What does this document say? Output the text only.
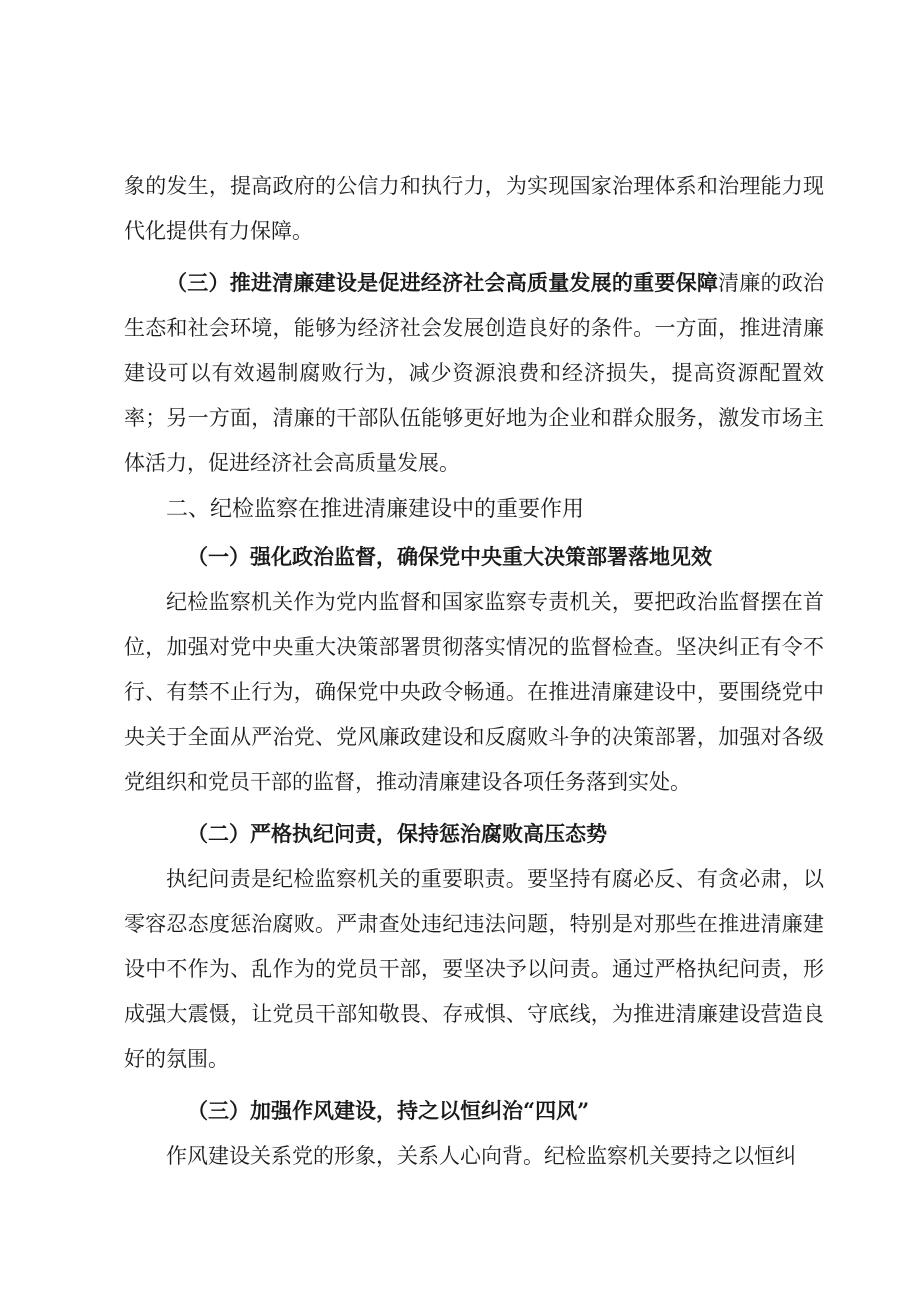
象的发生，提高政府的公信力和执行力，为实现国家治理体系和治理能力现代化提供有力保障。

（三）推进清廉建设是促进经济社会高质量发展的重要保障清廉的政治生态和社会环境，能够为经济社会发展创造良好的条件。一方面，推进清廉建设可以有效遏制腐败行为，减少资源浪费和经济损失，提高资源配置效率；另一方面，清廉的干部队伍能够更好地为企业和群众服务，激发市场主体活力，促进经济社会高质量发展。

二、纪检监察在推进清廉建设中的重要作用
（一）强化政治监督，确保党中央重大决策部署落地见效

纪检监察机关作为党内监督和国家监察专责机关，要把政治监督摆在首位，加强对党中央重大决策部署贯彻落实情况的监督检查。坚决纠正有令不行、有禁不止行为，确保党中央政令畅通。在推进清廉建设中，要围绕党中央关于全面从严治党、党风廉政建设和反腐败斗争的决策部署，加强对各级党组织和党员干部的监督，推动清廉建设各项任务落到实处。

（二）严格执纪问责，保持惩治腐败高压态势

执纪问责是纪检监察机关的重要职责。要坚持有腐必反、有贪必肃，以零容忍态度惩治腐败。严肃查处违纪违法问题，特别是对那些在推进清廉建设中不作为、乱作为的党员干部，要坚决予以问责。通过严格执纪问责，形成强大震慑，让党员干部知敬畏、存戒惧、守底线，为推进清廉建设营造良好的氛围。

（三）加强作风建设，持之以恒纠治“四风”

作风建设关系党的形象，关系人心向背。纪检监察机关要持之以恒纠
